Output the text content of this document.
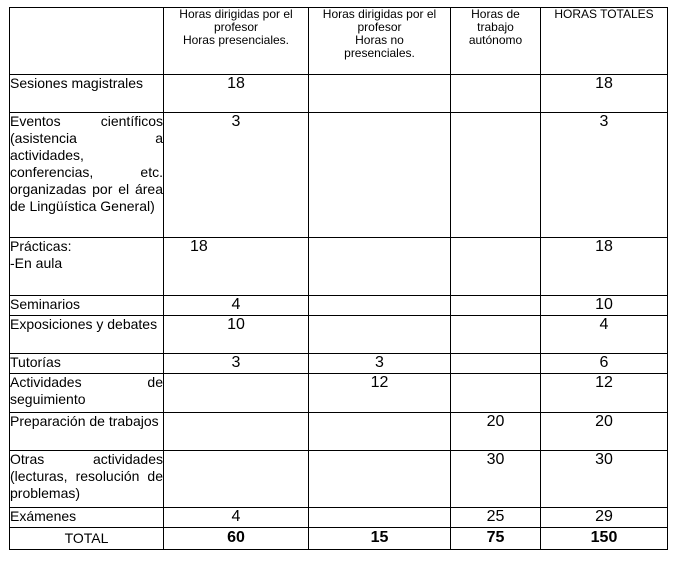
	Horas dirigidas por el
profesor
Horas presenciales.	Horas dirigidas por el
profesor
Horas no
presenciales.	Horas de
trabajo
autónomo	HORAS TOTALES

Sesiones magistrales	18			18
Eventos científicos (asistencia a actividades, conferencias, etc. organizadas por el área de Lingüística General)	3			3

Prácticas:
-En aula	18			18
Seminarios	4			10
Exposiciones y debates	10			4
Tutorías	3	3		6
Actividades de seguimiento		12		12
Preparación de trabajos			20	20
Otras actividades (lecturas, resolución de problemas)			30	30
Exámenes	4		25	29
TOTAL	60	15	75	150
